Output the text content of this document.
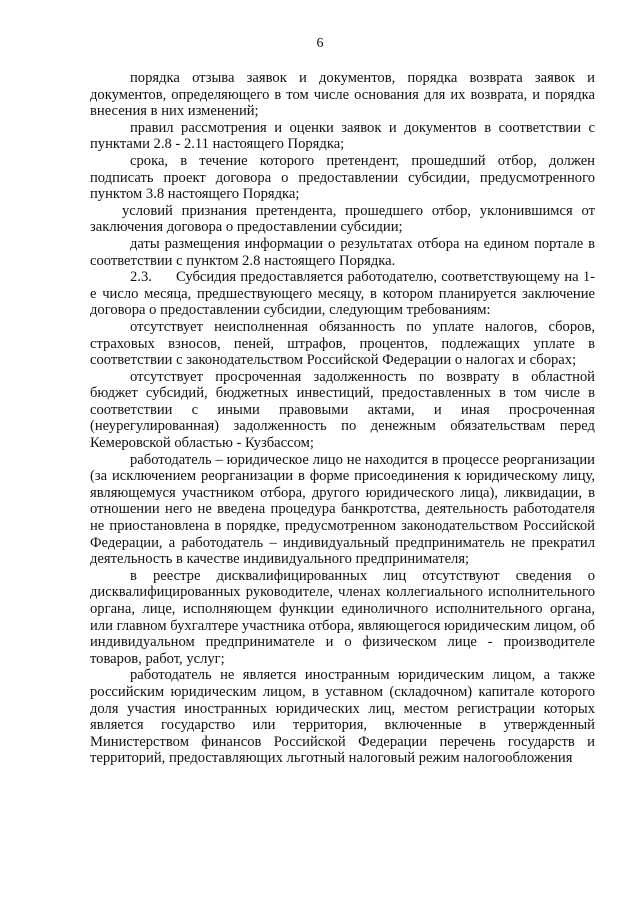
6

порядка отзыва заявок и документов, порядка возврата заявок и документов, определяющего в том числе основания для их возврата, и порядка внесения в них изменений;

правил рассмотрения и оценки заявок и документов в соответствии с пунктами 2.8 - 2.11 настоящего Порядка;

срока, в течение которого претендент, прошедший отбор, должен подписать проект договора о предоставлении субсидии, предусмотренного пунктом 3.8 настоящего Порядка;

условий признания претендента, прошедшего отбор, уклонившимся от заключения договора о предоставлении субсидии;

даты размещения информации о результатах отбора на едином портале в соответствии с пунктом 2.8 настоящего Порядка.

2.3. Субсидия предоставляется работодателю, соответствующему на 1-е число месяца, предшествующего месяцу, в котором планируется заключение договора о предоставлении субсидии, следующим требованиям:

отсутствует неисполненная обязанность по уплате налогов, сборов, страховых взносов, пеней, штрафов, процентов, подлежащих уплате в соответствии с законодательством Российской Федерации о налогах и сборах;

отсутствует просроченная задолженность по возврату в областной бюджет субсидий, бюджетных инвестиций, предоставленных в том числе в соответствии с иными правовыми актами, и иная просроченная (неурегулированная) задолженность по денежным обязательствам перед Кемеровской областью - Кузбассом;

работодатель – юридическое лицо не находится в процессе реорганизации (за исключением реорганизации в форме присоединения к юридическому лицу, являющемуся участником отбора, другого юридического лица), ликвидации, в отношении него не введена процедура банкротства, деятельность работодателя не приостановлена в порядке, предусмотренном законодательством Российской Федерации, а работодатель – индивидуальный предприниматель не прекратил деятельность в качестве индивидуального предпринимателя;

в реестре дисквалифицированных лиц отсутствуют сведения о дисквалифицированных руководителе, членах коллегиального исполнительного органа, лице, исполняющем функции единоличного исполнительного органа, или главном бухгалтере участника отбора, являющегося юридическим лицом, об индивидуальном предпринимателе и о физическом лице - производителе товаров, работ, услуг;

работодатель не является иностранным юридическим лицом, а также российским юридическим лицом, в уставном (складочном) капитале которого доля участия иностранных юридических лиц, местом регистрации которых является государство или территория, включенные в утвержденный Министерством финансов Российской Федерации перечень государств и территорий, предоставляющих льготный налоговый режим налогообложения
